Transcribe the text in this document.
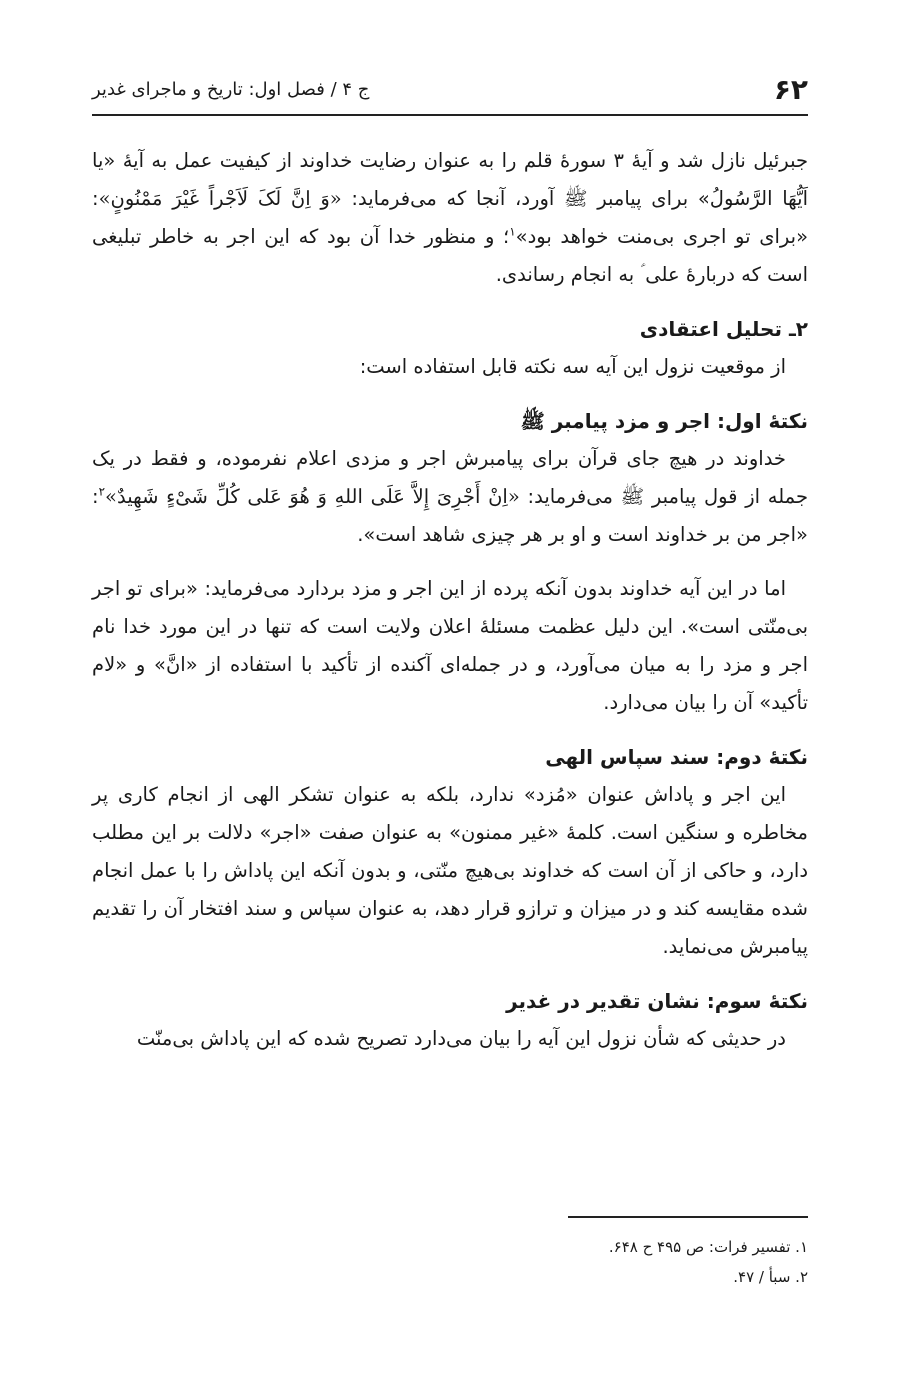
۶۲
ج ۴ / فصل اول: تاریخ و ماجرای غدیر

جبرئیل نازل شد و آیهٔ ۳ سورهٔ قلم را به عنوان رضایت خداوند از کیفیت عمل به آیهٔ «یا اَیُّهَا الرَّسُولُ» برای پیامبر ﷺ آورد، آنجا که می‌فرماید: «وَ اِنَّ لَکَ لَاَجْراً غَیْرَ مَمْنُونٍ»: «برای تو اجری بی‌منت خواهد بود»$^۱$؛ و منظور خدا آن بود که این اجر به خاطر تبلیغی است که دربارهٔ علی ؑ به انجام رساندی.

۲ـ تحلیل اعتقادی

از موقعیت نزول این آیه سه نکته قابل استفاده است:

نکتهٔ اول: اجر و مزد پیامبر ﷺ

خداوند در هیچ جای قرآن برای پیامبرش اجر و مزدی اعلام نفرموده، و فقط در یک جمله از قول پیامبر ﷺ می‌فرماید: «اِنْ أَجْرِیَ إِلاَّ عَلَی اللهِ وَ هُوَ عَلی کُلِّ شَیْءٍ شَهِیدٌ»$^۲$: «اجر من بر خداوند است و او بر هر چیزی شاهد است».

اما در این آیه خداوند بدون آنکه پرده از این اجر و مزد بردارد می‌فرماید: «برای تو اجر بی‌منّتی است». این دلیل عظمت مسئلهٔ اعلان ولایت است که تنها در این مورد خدا نام اجر و مزد را به میان می‌آورد، و در جمله‌ای آکنده از تأکید با استفاده از «انَّ» و «لام تأکید» آن را بیان می‌دارد.

نکتهٔ دوم: سند سپاس الهی

این اجر و پاداش عنوان «مُزد» ندارد، بلکه به عنوان تشکر الهی از انجام کاری پر مخاطره و سنگین است. کلمهٔ «غیر ممنون» به عنوان صفت «اجر» دلالت بر این مطلب دارد، و حاکی از آن است که خداوند بی‌هیچ منّتی، و بدون آنکه این پاداش را با عمل انجام شده مقایسه کند و در میزان و ترازو قرار دهد، به عنوان سپاس و سند افتخار آن را تقدیم پیامبرش می‌نماید.

نکتهٔ سوم: نشان تقدیر در غدیر

در حدیثی که شأن نزول این آیه را بیان می‌دارد تصریح شده که این پاداش بی‌منّت

۱. تفسیر فرات: ص ۴۹۵ ح ۶۴۸.

۲. سبأ / ۴۷.
